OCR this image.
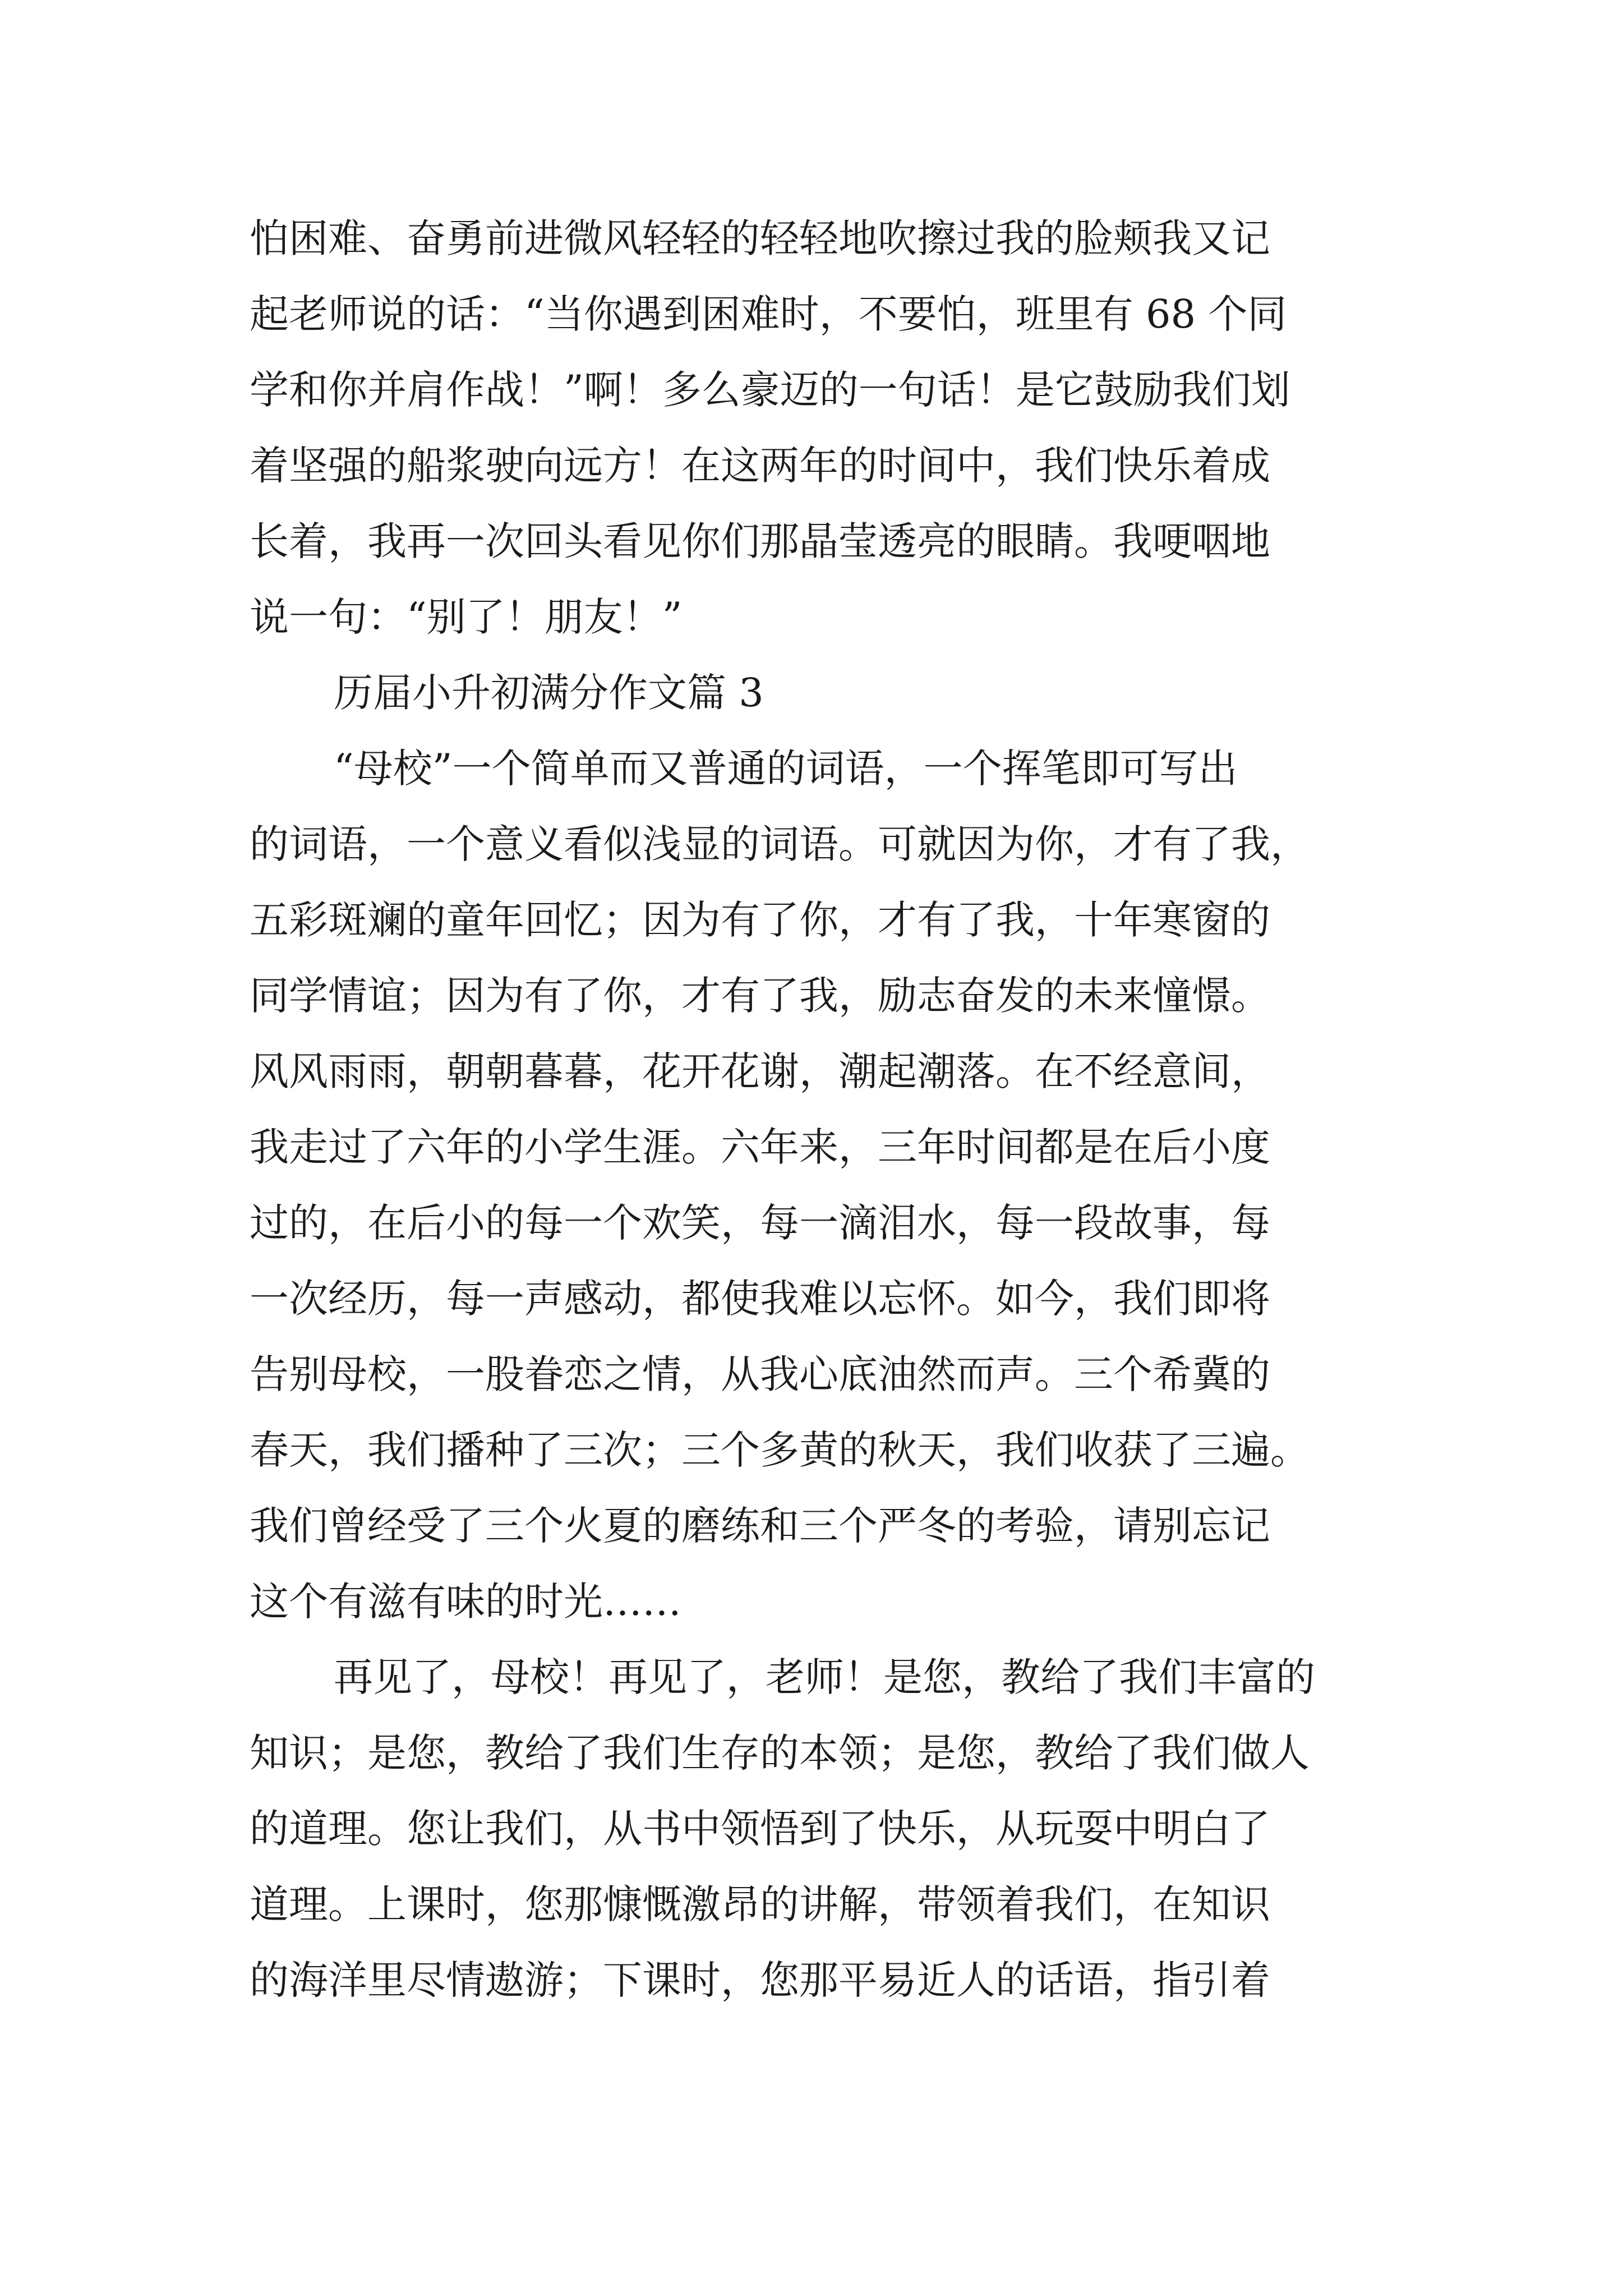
怕困难、奋勇前进微风轻轻的轻轻地吹擦过我的脸颊我又记

起老师说的话：“当你遇到困难时，不要怕，班里有 68 个同

学和你并肩作战！”啊！多么豪迈的一句话！是它鼓励我们划

着坚强的船浆驶向远方！在这两年的时间中，我们快乐着成

长着，我再一次回头看见你们那晶莹透亮的眼睛。我哽咽地

说一句：“别了！朋友！”

历届小升初满分作文篇 3

“母校”一个简单而又普通的词语，一个挥笔即可写出

的词语，一个意义看似浅显的词语。可就因为你，才有了我，

五彩斑斓的童年回忆；因为有了你，才有了我，十年寒窗的

同学情谊；因为有了你，才有了我，励志奋发的未来憧憬。

风风雨雨，朝朝暮暮，花开花谢，潮起潮落。在不经意间，

我走过了六年的小学生涯。六年来，三年时间都是在后小度

过的，在后小的每一个欢笑，每一滴泪水，每一段故事，每

一次经历，每一声感动，都使我难以忘怀。如今，我们即将

告别母校，一股眷恋之情，从我心底油然而声。三个希冀的

春天，我们播种了三次；三个多黄的秋天，我们收获了三遍。

我们曾经受了三个火夏的磨练和三个严冬的考验，请别忘记

这个有滋有味的时光……

再见了，母校！再见了，老师！是您，教给了我们丰富的

知识；是您，教给了我们生存的本领；是您，教给了我们做人

的道理。您让我们，从书中领悟到了快乐，从玩耍中明白了

道理。上课时，您那慷慨激昂的讲解，带领着我们，在知识

的海洋里尽情遨游；下课时，您那平易近人的话语，指引着
